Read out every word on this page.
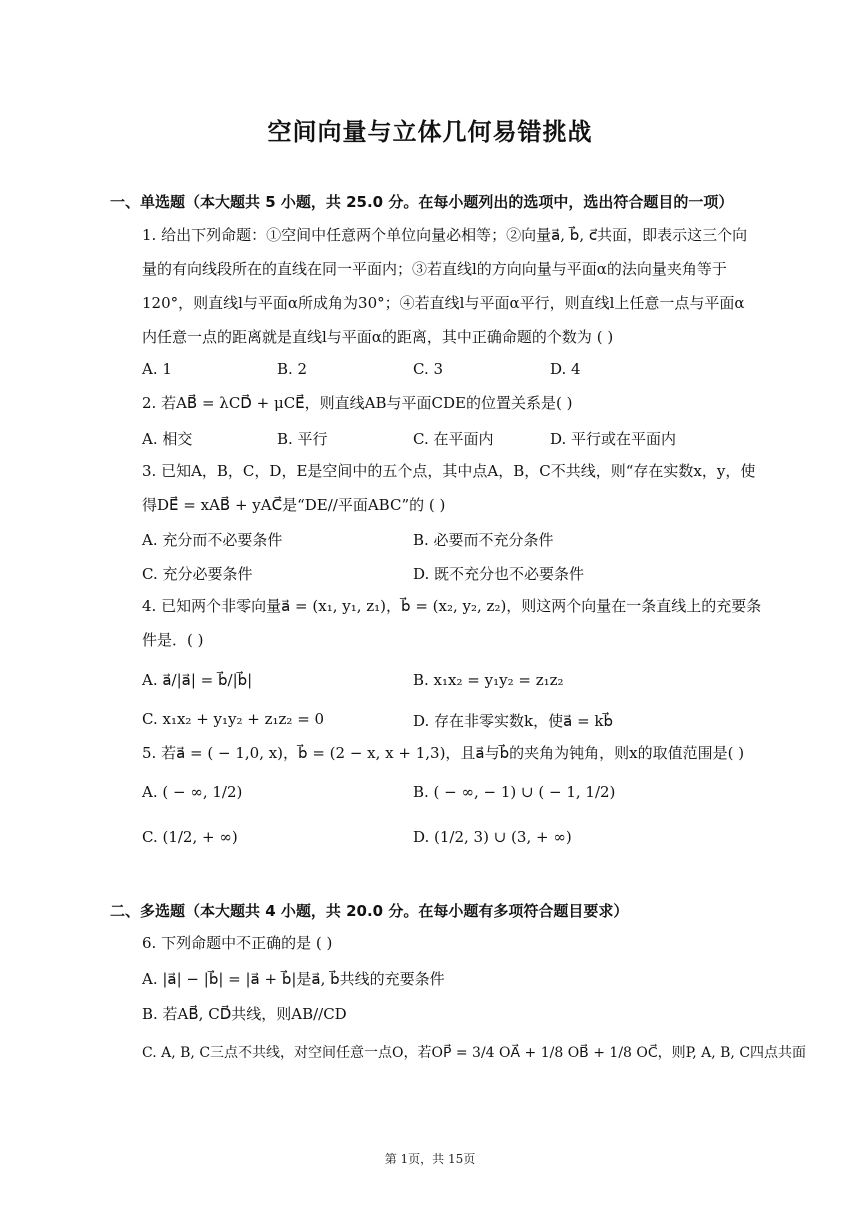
空间向量与立体几何易错挑战
一、单选题（本大题共 5 小题，共 25.0 分。在每小题列出的选项中，选出符合题目的一项）
1. 给出下列命题：①空间中任意两个单位向量必相等；②向量a⃗, b⃗, c⃗共面，即表示这三个向
量的有向线段所在的直线在同一平面内；③若直线l的方向向量与平面α的法向量夹角等于
120°，则直线l与平面α所成角为30°；④若直线l与平面α平行，则直线l上任意一点与平面α
内任意一点的距离就是直线l与平面α的距离，其中正确命题的个数为 ( )
A. 1	B. 2	C. 3	D. 4
2. 若AB⃗ = λCD⃗ + μCE⃗，则直线AB与平面CDE的位置关系是( )
A. 相交	B. 平行	C. 在平面内	D. 平行或在平面内
3. 已知A，B，C，D，E是空间中的五个点，其中点A，B，C不共线，则“存在实数x，y，使
得DE⃗ = xAB⃗ + yAC⃗是“DE//平面ABC”的 ( )
A. 充分而不必要条件	B. 必要而不充分条件
C. 充分必要条件	D. 既不充分也不必要条件
4. 已知两个非零向量a⃗ = (x₁, y₁, z₁)，b⃗ = (x₂, y₂, z₂)，则这两个向量在一条直线上的充要条
件是．( )
A. a⃗/|a⃗| = b⃗/|b⃗|	B. x₁x₂ = y₁y₂ = z₁z₂
C. x₁x₂ + y₁y₂ + z₁z₂ = 0	D. 存在非零实数k，使a⃗ = kb⃗
5. 若a⃗ = ( − 1,0, x)，b⃗ = (2 − x, x + 1,3)，且a⃗与b⃗的夹角为钝角，则x的取值范围是( )
A. ( − ∞, 1/2)	B. ( − ∞, − 1) ∪ ( − 1, 1/2)
C. (1/2, + ∞)	D. (1/2, 3) ∪ (3, + ∞)
二、多选题（本大题共 4 小题，共 20.0 分。在每小题有多项符合题目要求）
6. 下列命题中不正确的是 ( )
A. |a⃗| − |b⃗| = |a⃗ + b⃗|是a⃗, b⃗共线的充要条件
B. 若AB⃗, CD⃗共线，则AB//CD
C. A, B, C三点不共线，对空间任意一点O，若OP⃗ = 3/4 OA⃗ + 1/8 OB⃗ + 1/8 OC⃗，则P, A, B, C四点共面
第 1页，共 15页
